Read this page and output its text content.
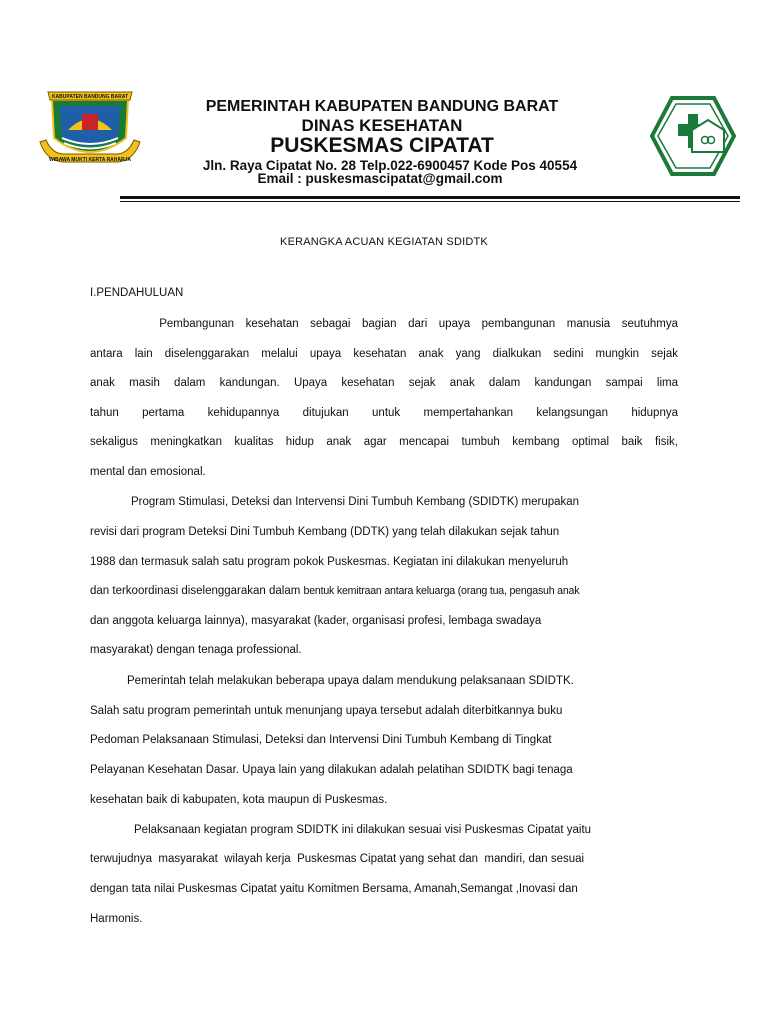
KABUPATEN BANDUNG BARAT
WIBAWA MUKTI KERTA RAHARJA
PEMERINTAH KABUPATEN BANDUNG BARAT
DINAS KESEHATAN
PUSKESMAS CIPATAT
Jln. Raya Cipatat No. 28 Telp.022-6900457 Kode Pos 40554
Email : puskesmascipatat@gmail.com
KERANGKA ACUAN KEGIATAN SDIDTK
I.PENDAHULUAN
Pembangunan kesehatan sebagai bagian dari upaya pembangunan manusia seutuhmya
antara lain diselenggarakan melalui upaya kesehatan anak yang dialkukan sedini mungkin sejak
anak masih dalam kandungan. Upaya kesehatan sejak anak dalam kandungan sampai lima
tahun pertama kehidupannya ditujukan untuk mempertahankan kelangsungan hidupnya
sekaligus meningkatkan kualitas hidup anak agar mencapai tumbuh kembang optimal baik fisik,
mental dan emosional.
Program Stimulasi, Deteksi dan Intervensi Dini Tumbuh Kembang (SDIDTK) merupakan
revisi dari program Deteksi Dini Tumbuh Kembang (DDTK) yang telah dilakukan sejak tahun
1988 dan termasuk salah satu program pokok Puskesmas. Kegiatan ini dilakukan menyeluruh
dan terkoordinasi diselenggarakan dalam bentuk kemitraan antara keluarga (orang tua, pengasuh anak
dan anggota keluarga lainnya), masyarakat (kader, organisasi profesi, lembaga swadaya
masyarakat) dengan tenaga professional.
Pemerintah telah melakukan beberapa upaya dalam mendukung pelaksanaan SDIDTK.
Salah satu program pemerintah untuk menunjang upaya tersebut adalah diterbitkannya buku
Pedoman Pelaksanaan Stimulasi, Deteksi dan Intervensi Dini Tumbuh Kembang di Tingkat
Pelayanan Kesehatan Dasar. Upaya lain yang dilakukan adalah pelatihan SDIDTK bagi tenaga
kesehatan baik di kabupaten, kota maupun di Puskesmas.
Pelaksanaan kegiatan program SDIDTK ini dilakukan sesuai visi Puskesmas Cipatat yaitu
terwujudnya  masyarakat  wilayah kerja  Puskesmas Cipatat yang sehat dan  mandiri, dan sesuai
dengan tata nilai Puskesmas Cipatat yaitu Komitmen Bersama, Amanah,Semangat ,Inovasi dan
Harmonis.
